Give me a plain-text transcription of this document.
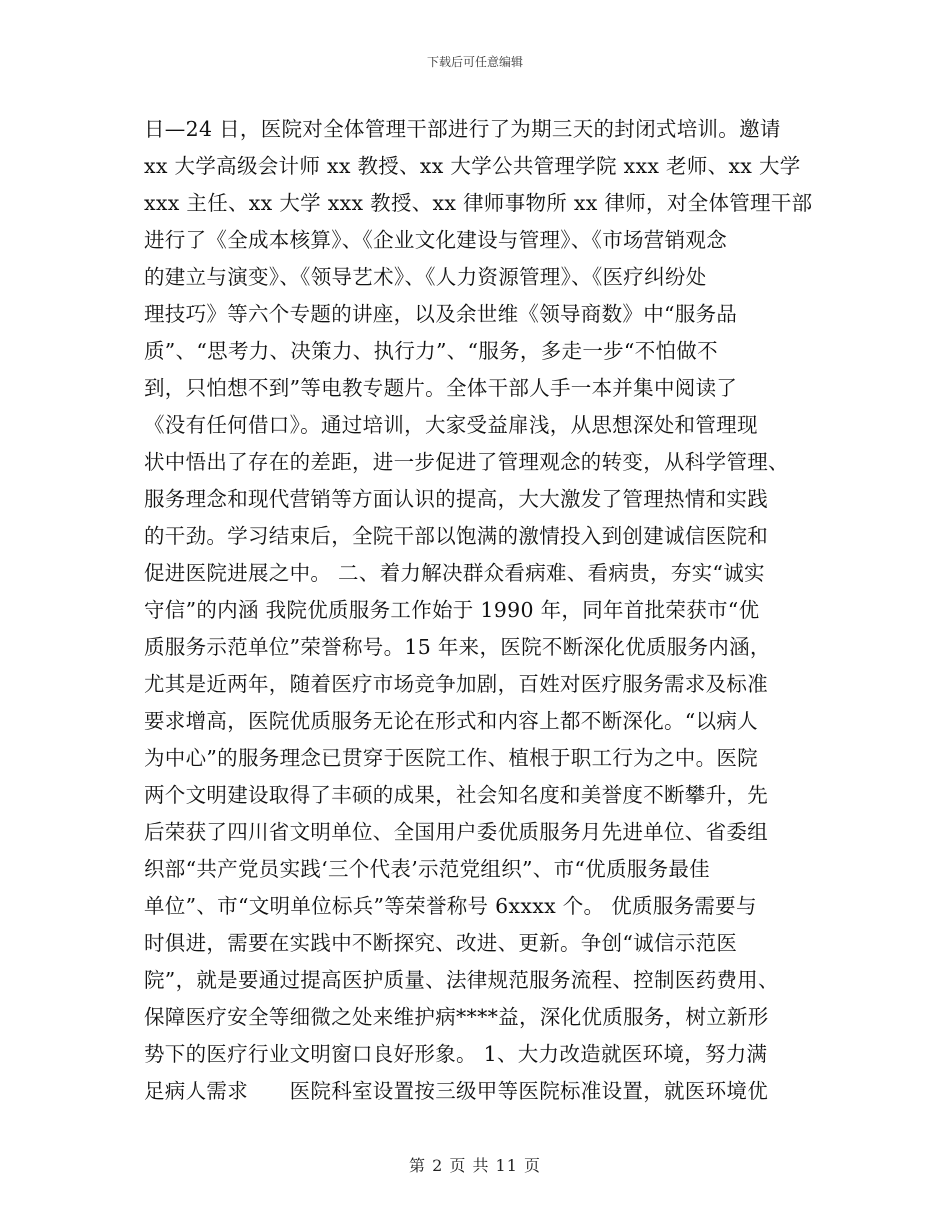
下载后可任意编辑
日—24 日，医院对全体管理干部进行了为期三天的封闭式培训。邀请
xx 大学高级会计师 xx 教授、xx 大学公共管理学院 xxx 老师、xx 大学
xxx 主任、xx 大学 xxx 教授、xx 律师事物所 xx 律师，对全体管理干部
进行了《全成本核算》、《企业文化建设与管理》、《市场营销观念
的建立与演变》、《领导艺术》、《人力资源管理》、《医疗纠纷处
理技巧》等六个专题的讲座，以及余世维《领导商数》中“服务品
质”、“思考力、决策力、执行力”、“服务，多走一步“不怕做不
到，只怕想不到”等电教专题片。全体干部人手一本并集中阅读了
《没有任何借口》。通过培训，大家受益扉浅，从思想深处和管理现
状中悟出了存在的差距，进一步促进了管理观念的转变，从科学管理、
服务理念和现代营销等方面认识的提高，大大激发了管理热情和实践
的干劲。学习结束后，全院干部以饱满的激情投入到创建诚信医院和
促进医院进展之中。 二、着力解决群众看病难、看病贵，夯实“诚实
守信”的内涵 我院优质服务工作始于 1990 年，同年首批荣获市“优
质服务示范单位”荣誉称号。15 年来，医院不断深化优质服务内涵，
尤其是近两年，随着医疗市场竞争加剧，百姓对医疗服务需求及标准
要求增高，医院优质服务无论在形式和内容上都不断深化。“以病人
为中心”的服务理念已贯穿于医院工作、植根于职工行为之中。医院
两个文明建设取得了丰硕的成果，社会知名度和美誉度不断攀升，先
后荣获了四川省文明单位、全国用户委优质服务月先进单位、省委组
织部“共产党员实践‘三个代表’示范党组织”、市“优质服务最佳
单位”、市“文明单位标兵”等荣誉称号 6xxxx 个。 优质服务需要与
时俱进，需要在实践中不断探究、改进、更新。争创“诚信示范医
院”，就是要通过提高医护质量、法律规范服务流程、控制医药费用、
保障医疗安全等细微之处来维护病****益，深化优质服务，树立新形
势下的医疗行业文明窗口良好形象。 1、大力改造就医环境，努力满
足病人需求　　医院科室设置按三级甲等医院标准设置，就医环境优
第 2 页 共 11 页
